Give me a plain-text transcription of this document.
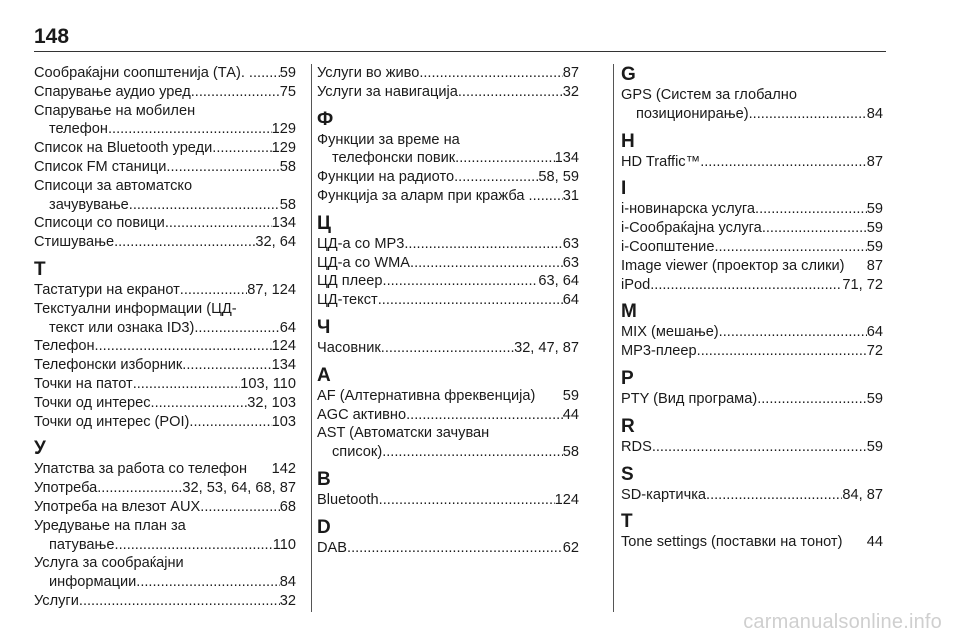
148
Сообраќајни соопштенија (ТА). . ..... 59
Спарување аудио уред .....	75
Спарување на мобилен
телефон .....	129
Список на Bluetooth уреди .....	129
Список FM станици .....	58
Списоци за автоматско
зачувување .....	58
Списоци со повици .....	134
Стишување .....	32, 64
Т
Тастатури на екранот .....	87, 124
Текстуални информации (ЦД-
текст или ознака ID3) .....	64
Телефон .....	124
Телефонски изборник .....	134
Точки на патот .....	103, 110
Точки од интерес .....	32, 103
Точки од интерес (POI) .....	103
У
Упатства за работа со телефон 142
Употреба .....	32, 53, 64, 68, 87
Употреба на влезот AUX .....	68
Уредување на план за
патување .....	110
Услуга за сообраќајни
информации .....	84
Услуги .....	32
Услуги во живо .....	87
Услуги за навигација .....	32
Ф
Функции за време на
телефонски повик .....	134
Функции на радиото .....	58, 59
Функција за аларм при кражба . ..... 31
Ц
ЦД-а со MP3 .....	63
ЦД-а со WMA .....	63
ЦД плеер .....	63, 64
ЦД-текст .....	64
Ч
Часовник .....	32, 47, 87
A
AF (Алтернативна фреквенција) 59
AGC активно .....	44
AST (Автоматски зачуван
список) .....	58
B
Bluetooth .....	124
D
DAB .....	62
G
GPS (Систем за глобално
позиционирање) .....	84
H
HD Traffic™ .....	87
I
i-новинарска услуга .....	59
i-Сообраќајна услуга .....	59
i-Соопштение .....	59
Image viewer (проектор за слики) 87
iPod .....	71, 72
M
MIX (мешање) .....	64
MP3-плеер .....	72
P
PTY (Вид програма) .....	59
R
RDS .....	59
S
SD-картичка .....	84, 87
T
Tone settings (поставки на тонот) 44
carmanualsonline.info
